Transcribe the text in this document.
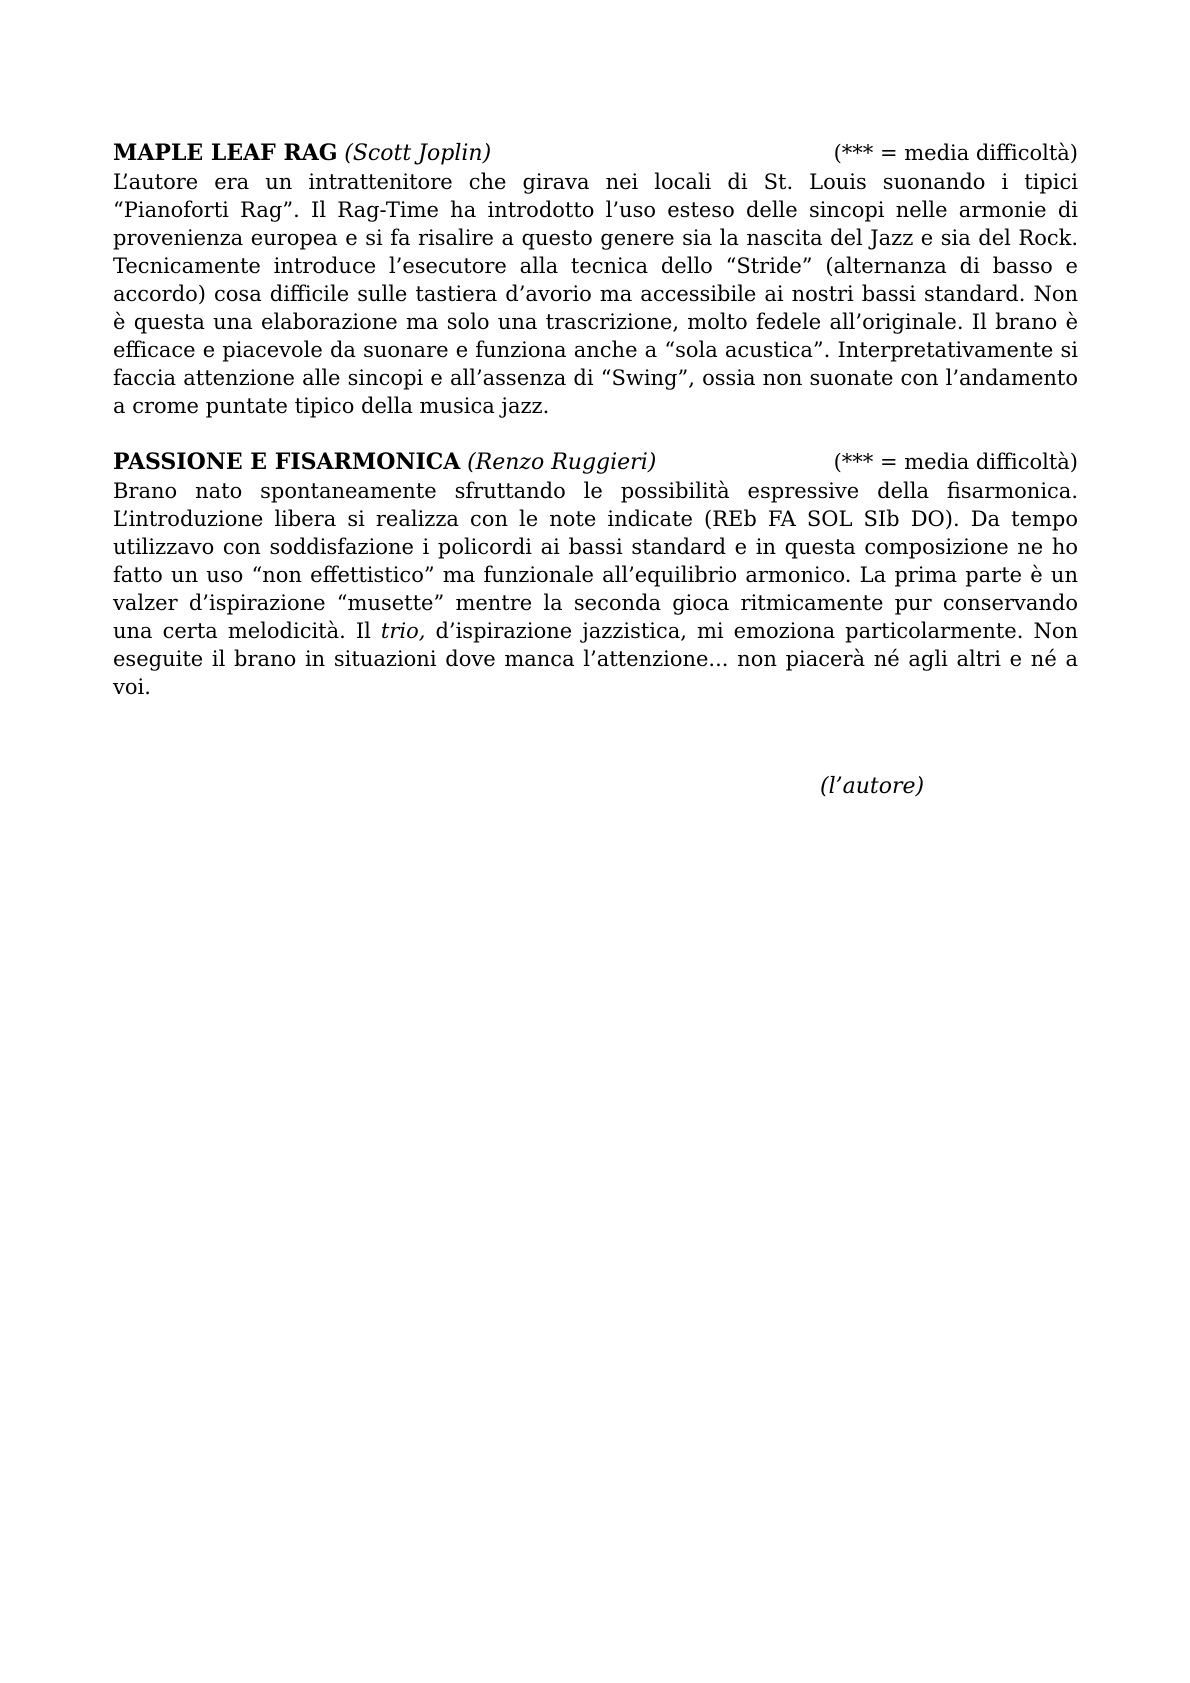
MAPLE LEAF RAG (Scott Joplin)	(*** = media difficoltà)

L’autore era un intrattenitore che girava nei locali di St. Louis suonando i tipici “Pianoforti Rag”. Il Rag-Time ha introdotto l’uso esteso delle sincopi nelle armonie di provenienza europea e si fa risalire a questo genere sia la nascita del Jazz e sia del Rock. Tecnicamente introduce l’esecutore alla tecnica dello “Stride” (alternanza di basso e accordo) cosa difficile sulle tastiera d’avorio ma accessibile ai nostri bassi standard. Non è questa una elaborazione ma solo una trascrizione, molto fedele all’originale. Il brano è efficace e piacevole da suonare e funziona anche a “sola acustica”. Interpretativamente si faccia attenzione alle sincopi e all’assenza di “Swing”, ossia non suonate con l’andamento a crome puntate tipico della musica jazz.

PASSIONE E FISARMONICA (Renzo Ruggieri)	(*** = media difficoltà)

Brano nato spontaneamente sfruttando le possibilità espressive della fisarmonica. L’introduzione libera si realizza con le note indicate (REb FA SOL SIb DO). Da tempo utilizzavo con soddisfazione i policordi ai bassi standard e in questa composizione ne ho fatto un uso “non effettistico” ma funzionale all’equilibrio armonico. La prima parte è un valzer d’ispirazione “musette” mentre la seconda gioca ritmicamente pur conservando una certa melodicità. Il trio, d’ispirazione jazzistica, mi emoziona particolarmente. Non eseguite il brano in situazioni dove manca l’attenzione... non piacerà né agli altri e né a voi.

(l’autore)
